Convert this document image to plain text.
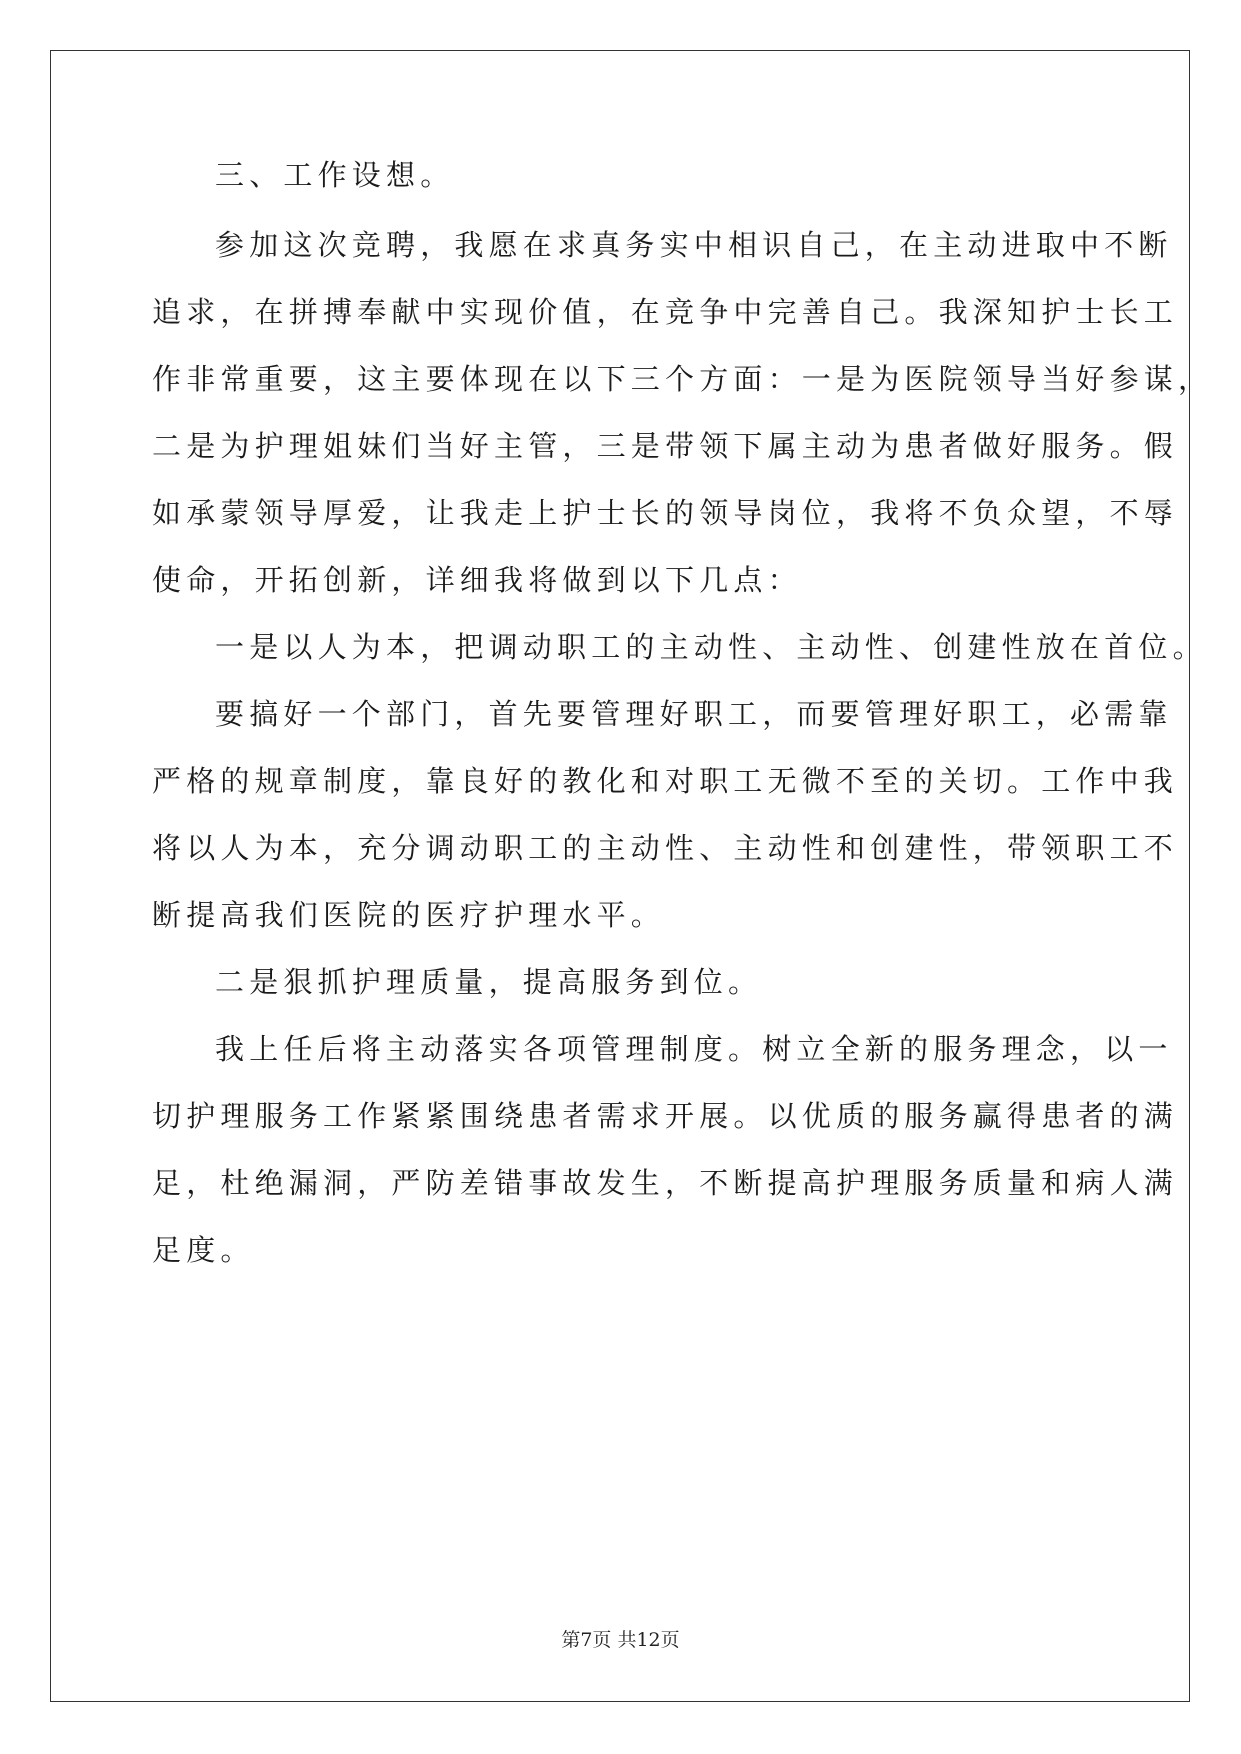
三、工作设想。
参加这次竞聘，我愿在求真务实中相识自己，在主动进取中不断
追求，在拼搏奉献中实现价值，在竞争中完善自己。我深知护士长工
作非常重要，这主要体现在以下三个方面：一是为医院领导当好参谋，
二是为护理姐妹们当好主管，三是带领下属主动为患者做好服务。假
如承蒙领导厚爱，让我走上护士长的领导岗位，我将不负众望，不辱
使命，开拓创新，详细我将做到以下几点：
一是以人为本，把调动职工的主动性、主动性、创建性放在首位。
要搞好一个部门，首先要管理好职工，而要管理好职工，必需靠
严格的规章制度，靠良好的教化和对职工无微不至的关切。工作中我
将以人为本，充分调动职工的主动性、主动性和创建性，带领职工不
断提高我们医院的医疗护理水平。
二是狠抓护理质量，提高服务到位。
我上任后将主动落实各项管理制度。树立全新的服务理念，以一
切护理服务工作紧紧围绕患者需求开展。以优质的服务赢得患者的满
足，杜绝漏洞，严防差错事故发生，不断提高护理服务质量和病人满
足度。
第7页 共12页
